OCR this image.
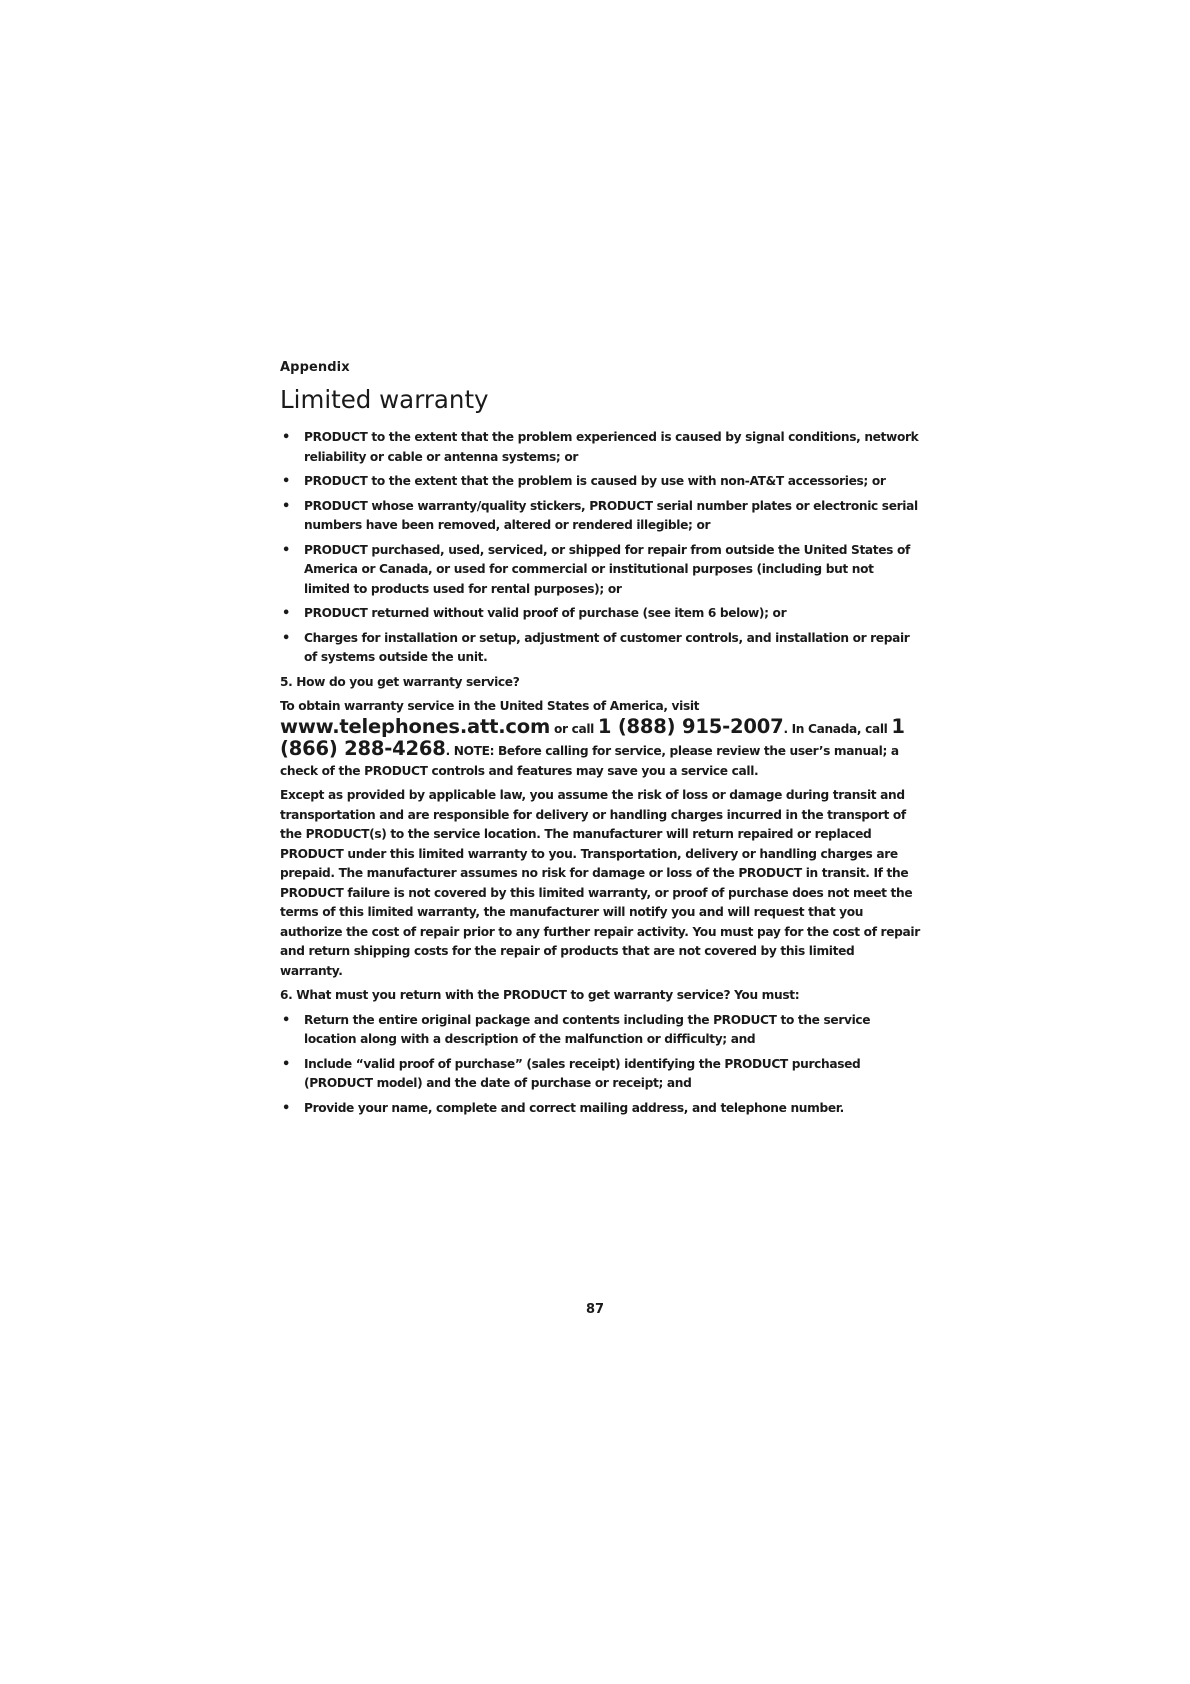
Appendix
Limited warranty
• PRODUCT to the extent that the problem experienced is caused by signal conditions, network reliability or cable or antenna systems; or
• PRODUCT to the extent that the problem is caused by use with non-AT&T accessories; or
• PRODUCT whose warranty/quality stickers, PRODUCT serial number plates or electronic serial numbers have been removed, altered or rendered illegible; or
• PRODUCT purchased, used, serviced, or shipped for repair from outside the United States of America or Canada, or used for commercial or institutional purposes (including but not limited to products used for rental purposes); or
• PRODUCT returned without valid proof of purchase (see item 6 below); or
• Charges for installation or setup, adjustment of customer controls, and installation or repair of systems outside the unit.

5. How do you get warranty service?

To obtain warranty service in the United States of America, visit
www.telephones.att.com or call 1 (888) 915-2007. In Canada, call 1 (866) 288-4268. NOTE: Before calling for service, please review the user’s manual; a check of the PRODUCT controls and features may save you a service call.

Except as provided by applicable law, you assume the risk of loss or damage during transit and transportation and are responsible for delivery or handling charges incurred in the transport of the PRODUCT(s) to the service location. The manufacturer will return repaired or replaced PRODUCT under this limited warranty to you. Transportation, delivery or handling charges are prepaid. The manufacturer assumes no risk for damage or loss of the PRODUCT in transit. If the PRODUCT failure is not covered by this limited warranty, or proof of purchase does not meet the terms of this limited warranty, the manufacturer will notify you and will request that you authorize the cost of repair prior to any further repair activity. You must pay for the cost of repair and return shipping costs for the repair of products that are not covered by this limited warranty.

6. What must you return with the PRODUCT to get warranty service? You must:

• Return the entire original package and contents including the PRODUCT to the service location along with a description of the malfunction or difficulty; and
• Include “valid proof of purchase” (sales receipt) identifying the PRODUCT purchased (PRODUCT model) and the date of purchase or receipt; and
• Provide your name, complete and correct mailing address, and telephone number.
87
